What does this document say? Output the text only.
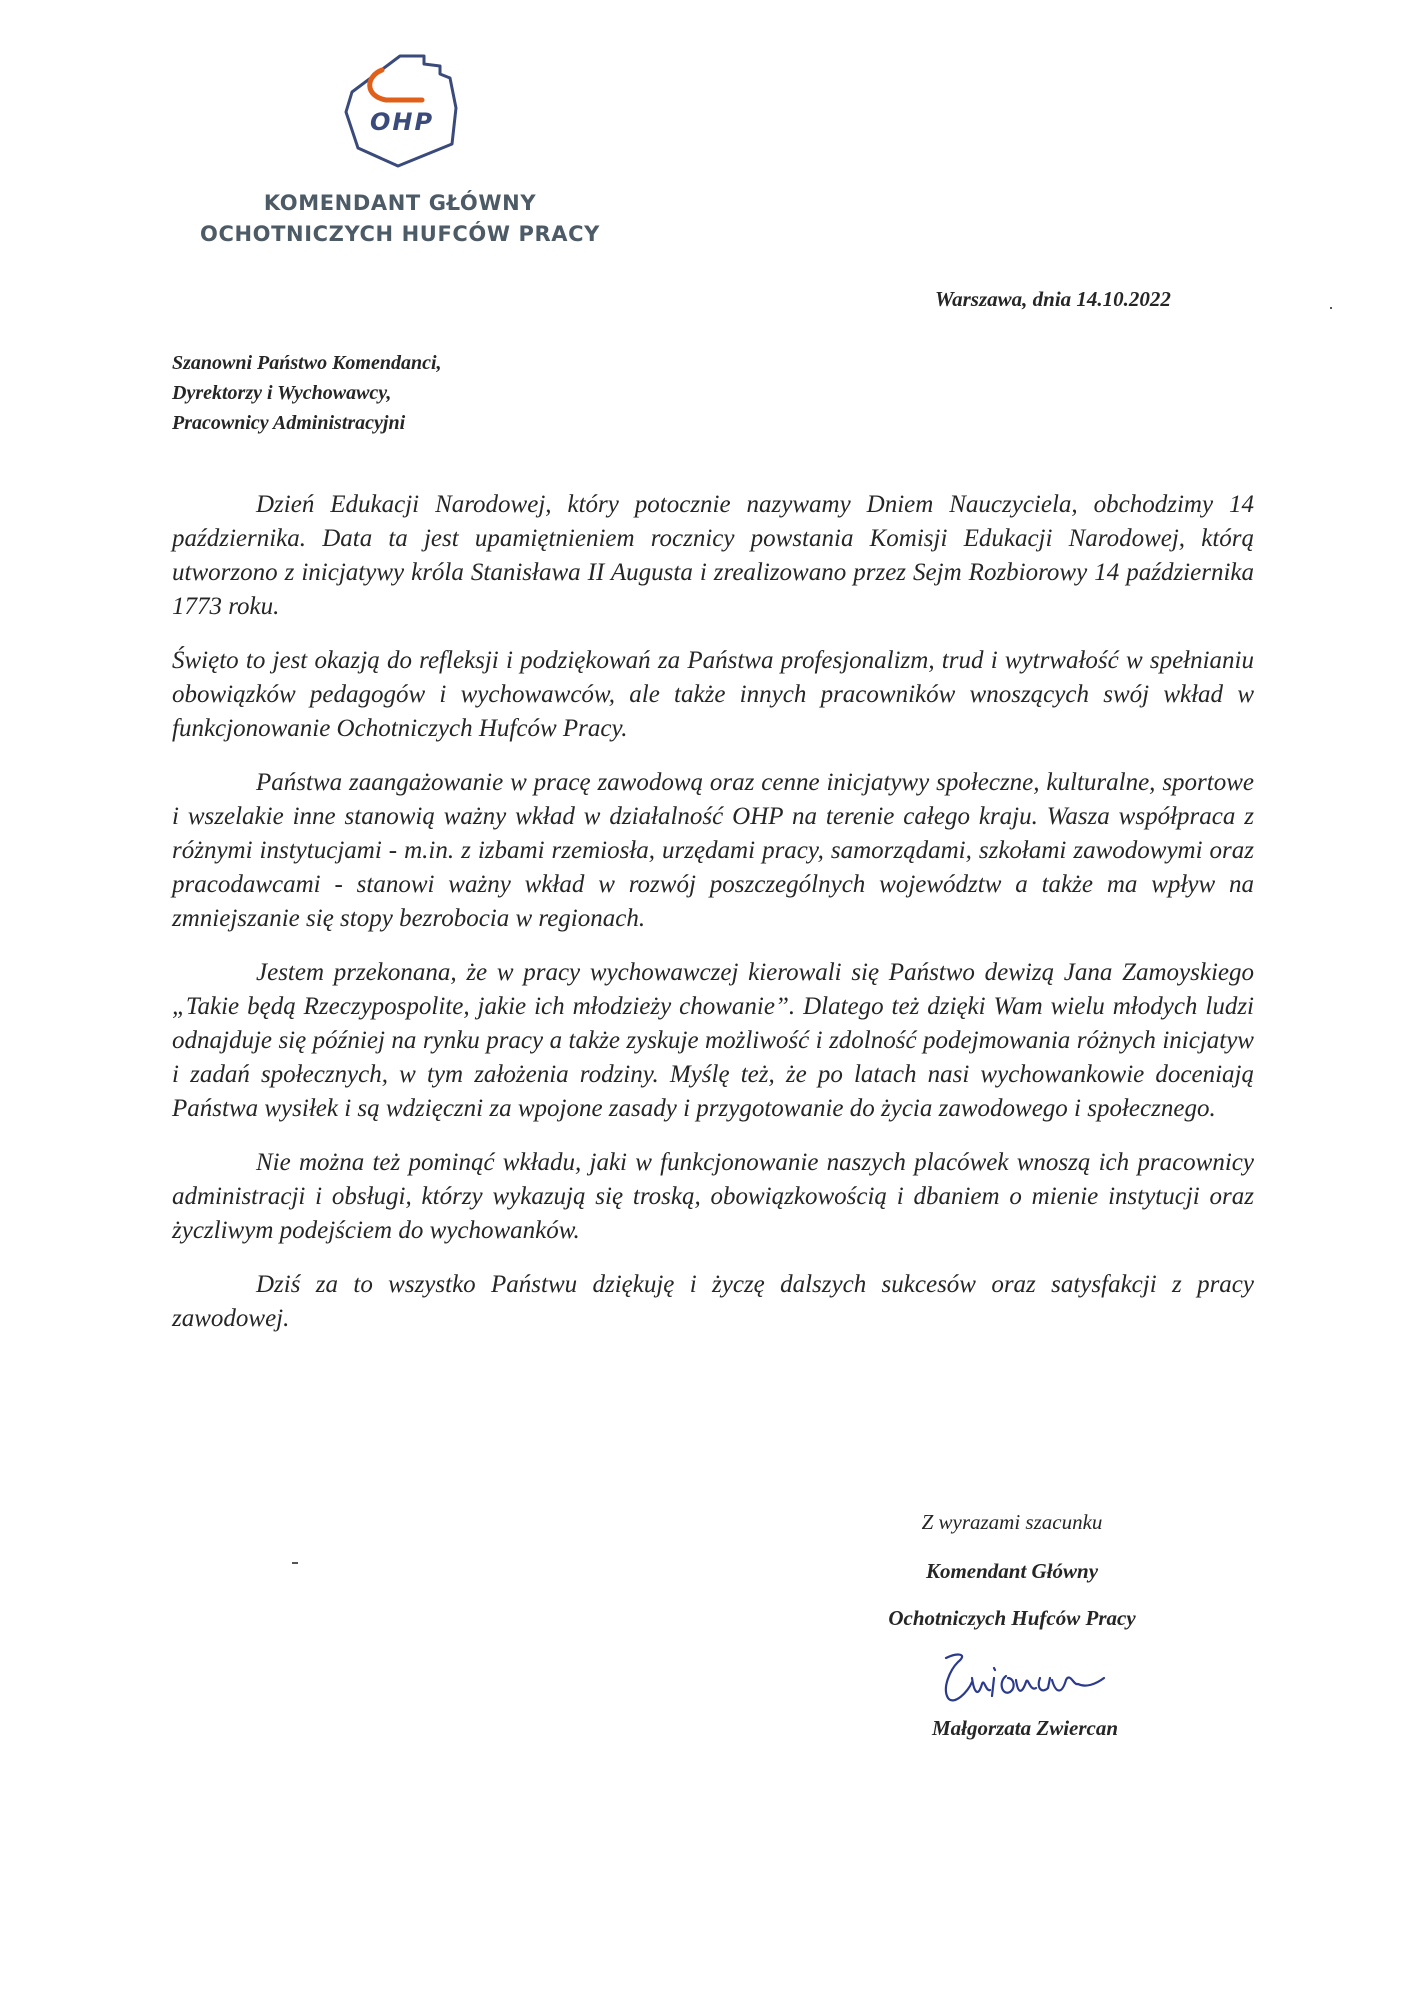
OHP
KOMENDANT GŁÓWNY
OCHOTNICZYCH HUFCÓW PRACY
Warszawa, dnia 14.10.2022
Szanowni Państwo Komendanci,
Dyrektorzy i Wychowawcy,
Pracownicy Administracyjni

Dzień Edukacji Narodowej, który potocznie nazywamy Dniem Nauczyciela, obchodzimy 14 października. Data ta jest upamiętnieniem rocznicy powstania Komisji Edukacji Narodowej, którą utworzono z inicjatywy króla Stanisława II Augusta i zrealizowano przez Sejm Rozbiorowy 14 października 1773 roku.

Święto to jest okazją do refleksji i podziękowań za Państwa profesjonalizm, trud i wytrwałość w spełnianiu obowiązków pedagogów i wychowawców, ale także innych pracowników wnoszących swój wkład w funkcjonowanie Ochotniczych Hufców Pracy.

Państwa zaangażowanie w pracę zawodową oraz cenne inicjatywy społeczne, kulturalne, sportowe i wszelakie inne stanowią ważny wkład w działalność OHP na terenie całego kraju. Wasza współpraca z różnymi instytucjami - m.in. z izbami rzemiosła, urzędami pracy, samorządami, szkołami zawodowymi oraz pracodawcami - stanowi ważny wkład w rozwój poszczególnych województw a także ma wpływ na zmniejszanie się stopy bezrobocia w regionach.

Jestem przekonana, że w pracy wychowawczej kierowali się Państwo dewizą Jana Zamoyskiego „Takie będą Rzeczypospolite, jakie ich młodzieży chowanie”. Dlatego też dzięki Wam wielu młodych ludzi odnajduje się później na rynku pracy a także zyskuje możliwość i zdolność podejmowania różnych inicjatyw i zadań społecznych, w tym założenia rodziny. Myślę też, że po latach nasi wychowankowie doceniają Państwa wysiłek i są wdzięczni za wpojone zasady i przygotowanie do życia zawodowego i społecznego.

Nie można też pominąć wkładu, jaki w funkcjonowanie naszych placówek wnoszą ich pracownicy administracji i obsługi, którzy wykazują się troską, obowiązkowością i dbaniem o mienie instytucji oraz życzliwym podejściem do wychowanków.

Dziś za to wszystko Państwu dziękuję i życzę dalszych sukcesów oraz satysfakcji z pracy zawodowej.

Z wyrazami szacunku
Komendant Główny
Ochotniczych Hufców Pracy
Małgorzata Zwiercan
